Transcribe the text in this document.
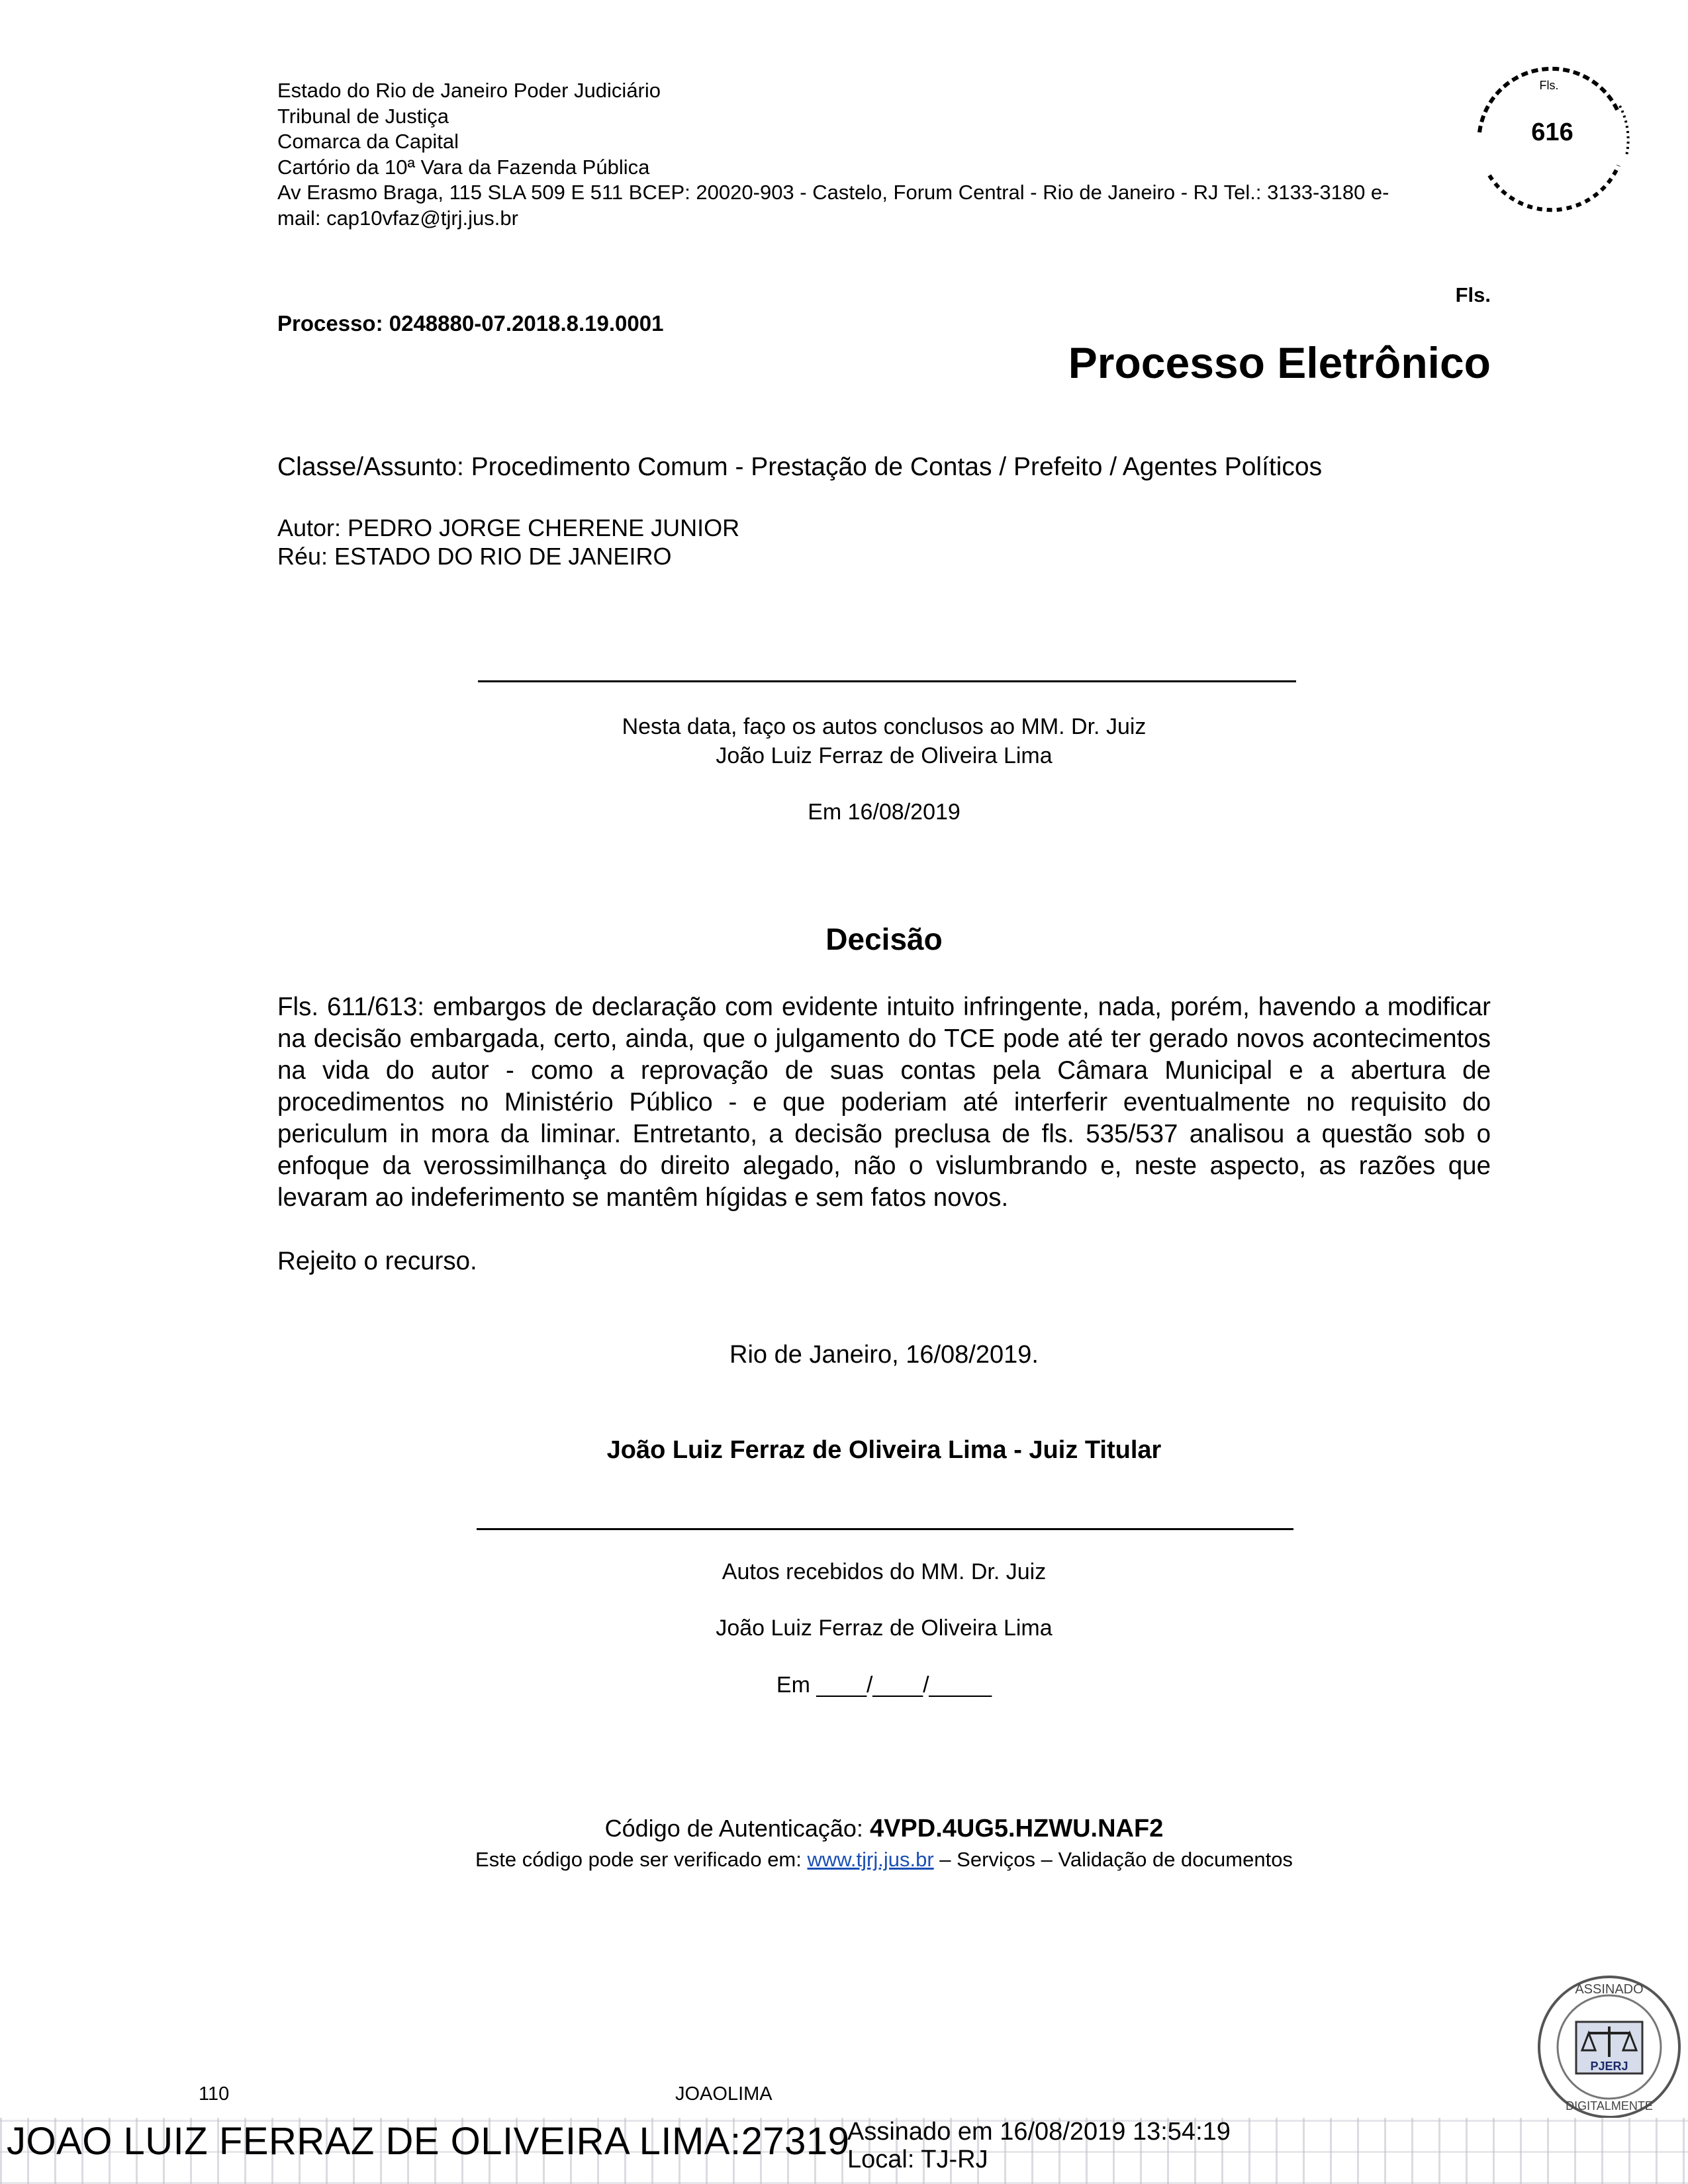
Estado do Rio de Janeiro Poder Judiciário
Tribunal de Justiça
Comarca da Capital
Cartório da 10ª Vara da Fazenda Pública
Av Erasmo Braga, 115 SLA 509 E 511 BCEP: 20020-903 - Castelo, Forum Central - Rio de Janeiro - RJ Tel.: 3133-3180 e-
mail: cap10vfaz@tjrj.jus.br
Fls.
616
Fls.
Processo: 0248880-07.2018.8.19.0001
Processo Eletrônico
Classe/Assunto: Procedimento Comum - Prestação de Contas / Prefeito / Agentes Políticos
Autor: PEDRO JORGE CHERENE JUNIOR
Réu: ESTADO DO RIO DE JANEIRO
Nesta data, faço os autos conclusos ao MM. Dr. Juiz
João Luiz Ferraz de Oliveira Lima
Em 16/08/2019
Decisão

Fls. 611/613: embargos de declaração com evidente intuito infringente, nada, porém, havendo a modificar na decisão embargada, certo, ainda, que o julgamento do TCE pode até ter gerado novos acontecimentos na vida do autor - como a reprovação de suas contas pela Câmara Municipal e a abertura de procedimentos no Ministério Público - e que poderiam até interferir eventualmente no requisito do periculum in mora da liminar. Entretanto, a decisão preclusa de fls. 535/537 analisou a questão sob o enfoque da verossimilhança do direito alegado, não o vislumbrando e, neste aspecto, as razões que levaram ao indeferimento se mantêm hígidas e sem fatos novos.

Rejeito o recurso.

Rio de Janeiro, 16/08/2019.
João Luiz Ferraz de Oliveira Lima - Juiz Titular
Autos recebidos do MM. Dr. Juiz
João Luiz Ferraz de Oliveira Lima
Em ____/____/_____
Código de Autenticação: 4VPD.4UG5.HZWU.NAF2
Este código pode ser verificado em: www.tjrj.jus.br – Serviços – Validação de documentos
PJERJ
ASSINADO
DIGITALMENTE
110	JOAOLIMA
JOAO LUIZ FERRAZ DE OLIVEIRA LIMA:27319
Assinado em 16/08/2019 13:54:19
Local: TJ-RJ
